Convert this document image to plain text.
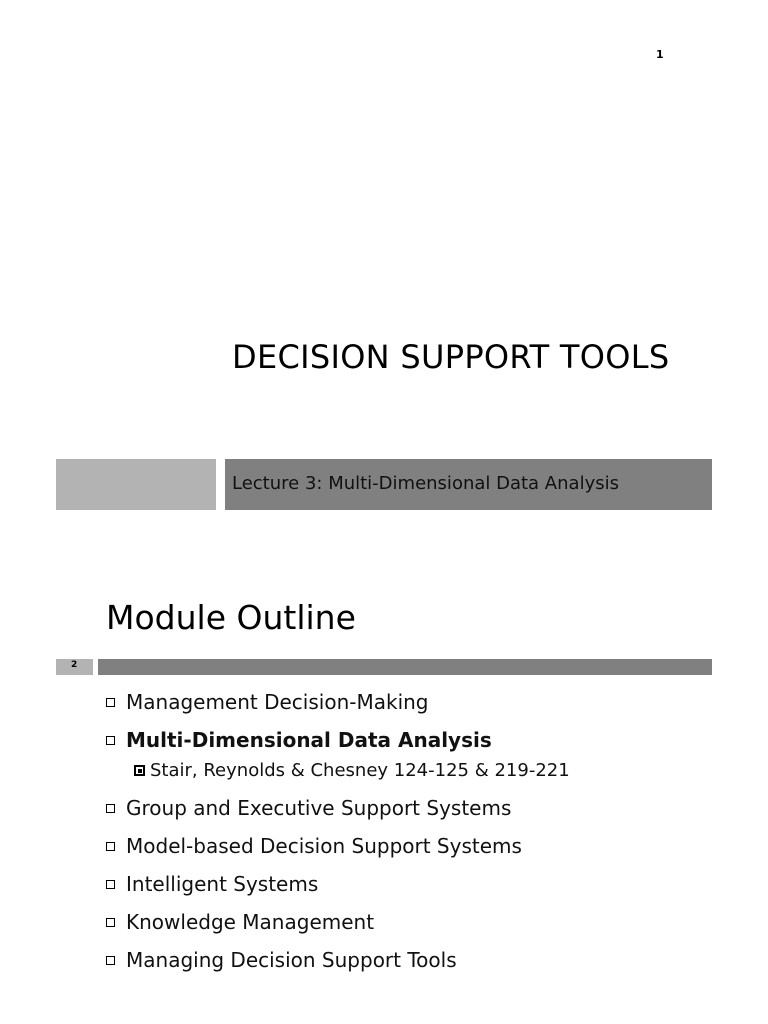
1
DECISION SUPPORT TOOLS
Lecture 3: Multi-Dimensional Data Analysis
Module Outline
2
Management Decision-Making
Multi-Dimensional Data Analysis
Stair, Reynolds & Chesney 124-125 & 219-221
Group and Executive Support Systems
Model-based Decision Support Systems
Intelligent Systems
Knowledge Management
Managing Decision Support Tools
